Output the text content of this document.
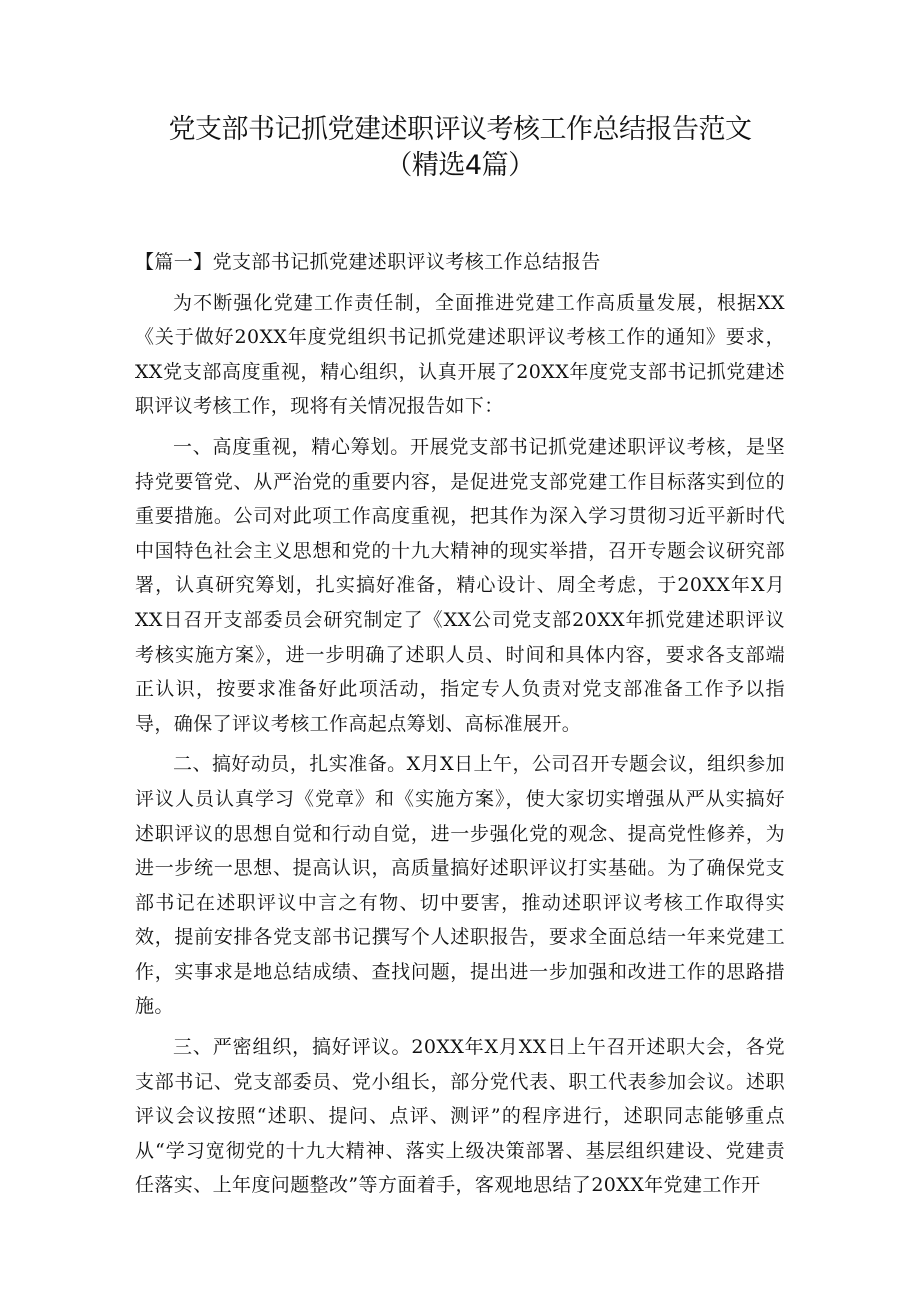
党支部书记抓党建述职评议考核工作总结报告范文（精选4篇）

【篇一】党支部书记抓党建述职评议考核工作总结报告

为不断强化党建工作责任制，全面推进党建工作高质量发展，根据XX《关于做好20XX年度党组织书记抓党建述职评议考核工作的通知》要求，XX党支部高度重视，精心组织，认真开展了20XX年度党支部书记抓党建述职评议考核工作，现将有关情况报告如下：

一、高度重视，精心筹划。开展党支部书记抓党建述职评议考核，是坚持党要管党、从严治党的重要内容，是促进党支部党建工作目标落实到位的重要措施。公司对此项工作高度重视，把其作为深入学习贯彻习近平新时代中国特色社会主义思想和党的十九大精神的现实举措，召开专题会议研究部署，认真研究筹划，扎实搞好准备，精心设计、周全考虑，于20XX年X月XX日召开支部委员会研究制定了《XX公司党支部20XX年抓党建述职评议考核实施方案》，进一步明确了述职人员、时间和具体内容，要求各支部端正认识，按要求准备好此项活动，指定专人负责对党支部准备工作予以指导，确保了评议考核工作高起点筹划、高标准展开。

二、搞好动员，扎实准备。X月X日上午，公司召开专题会议，组织参加评议人员认真学习《党章》和《实施方案》，使大家切实增强从严从实搞好述职评议的思想自觉和行动自觉，进一步强化党的观念、提高党性修养，为进一步统一思想、提高认识，高质量搞好述职评议打实基础。为了确保党支部书记在述职评议中言之有物、切中要害，推动述职评议考核工作取得实效，提前安排各党支部书记撰写个人述职报告，要求全面总结一年来党建工作，实事求是地总结成绩、查找问题，提出进一步加强和改进工作的思路措施。

三、严密组织，搞好评议。20XX年X月XX日上午召开述职大会，各党支部书记、党支部委员、党小组长，部分党代表、职工代表参加会议。述职评议会议按照“述职、提问、点评、测评”的程序进行，述职同志能够重点从“学习宽彻党的十九大精神、落实上级决策部署、基层组织建设、党建责任落实、上年度问题整改”等方面着手，客观地思结了20XX年党建工作开
